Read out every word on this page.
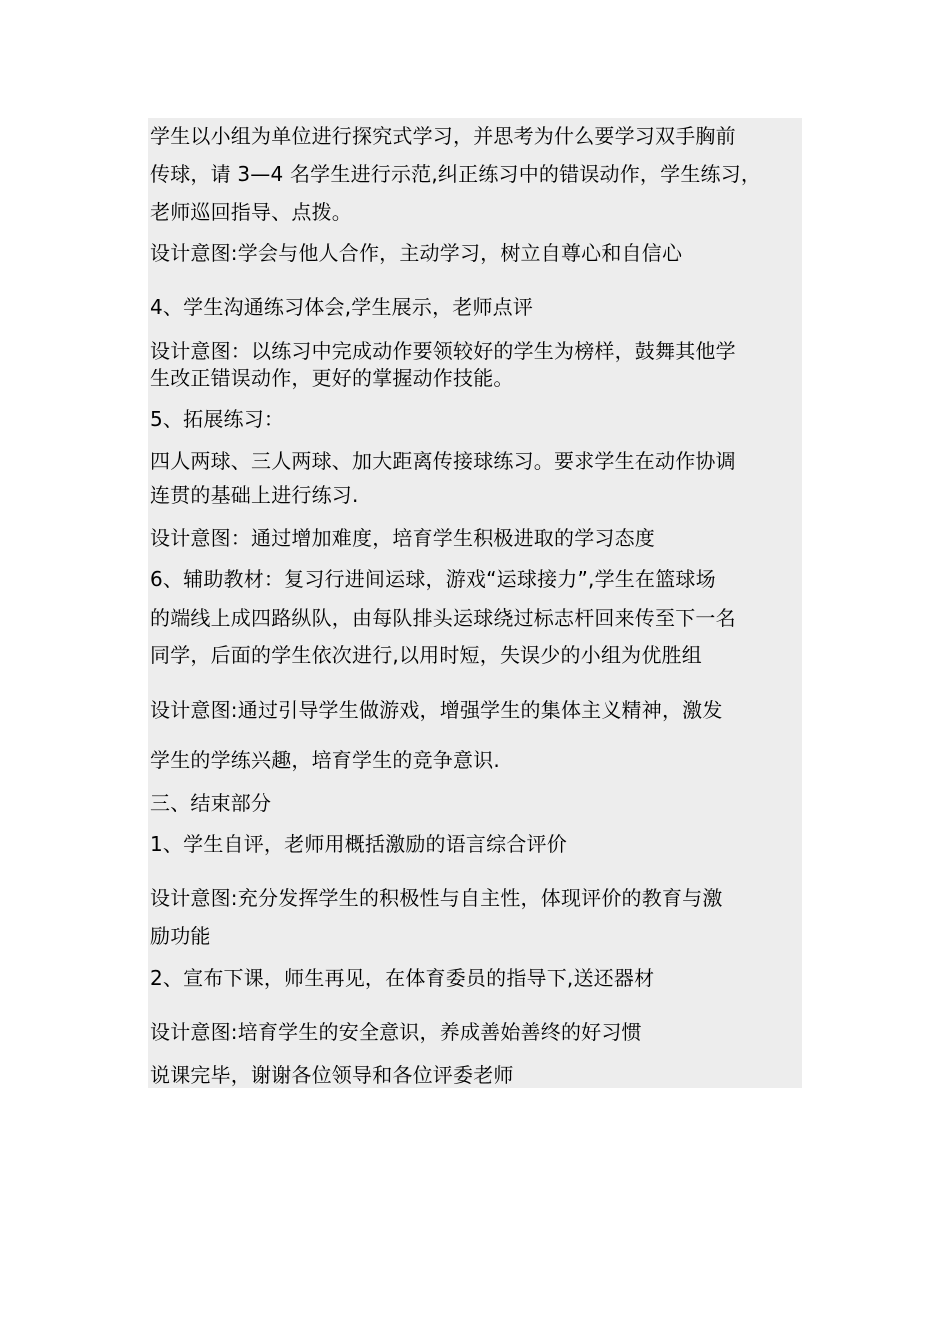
学生以小组为单位进行探究式学习，并思考为什么要学习双手胸前
传球，请 3—4 名学生进行示范,纠正练习中的错误动作，学生练习，
老师巡回指导、点拨。
设计意图:学会与他人合作，主动学习，树立自尊心和自信心
4、学生沟通练习体会,学生展示，老师点评
设计意图：以练习中完成动作要领较好的学生为榜样，鼓舞其他学
生改正错误动作，更好的掌握动作技能。
5、拓展练习：
四人两球、三人两球、加大距离传接球练习。要求学生在动作协调
连贯的基础上进行练习.
设计意图：通过增加难度，培育学生积极进取的学习态度
6、辅助教材：复习行进间运球，游戏“运球接力”,学生在篮球场
的端线上成四路纵队，由每队排头运球绕过标志杆回来传至下一名
同学，后面的学生依次进行,以用时短，失误少的小组为优胜组
设计意图:通过引导学生做游戏，增强学生的集体主义精神，激发
学生的学练兴趣，培育学生的竞争意识.
三、结束部分
1、学生自评，老师用概括激励的语言综合评价
设计意图:充分发挥学生的积极性与自主性，体现评价的教育与激
励功能
2、宣布下课，师生再见，在体育委员的指导下,送还器材
设计意图:培育学生的安全意识，养成善始善终的好习惯
说课完毕，谢谢各位领导和各位评委老师
